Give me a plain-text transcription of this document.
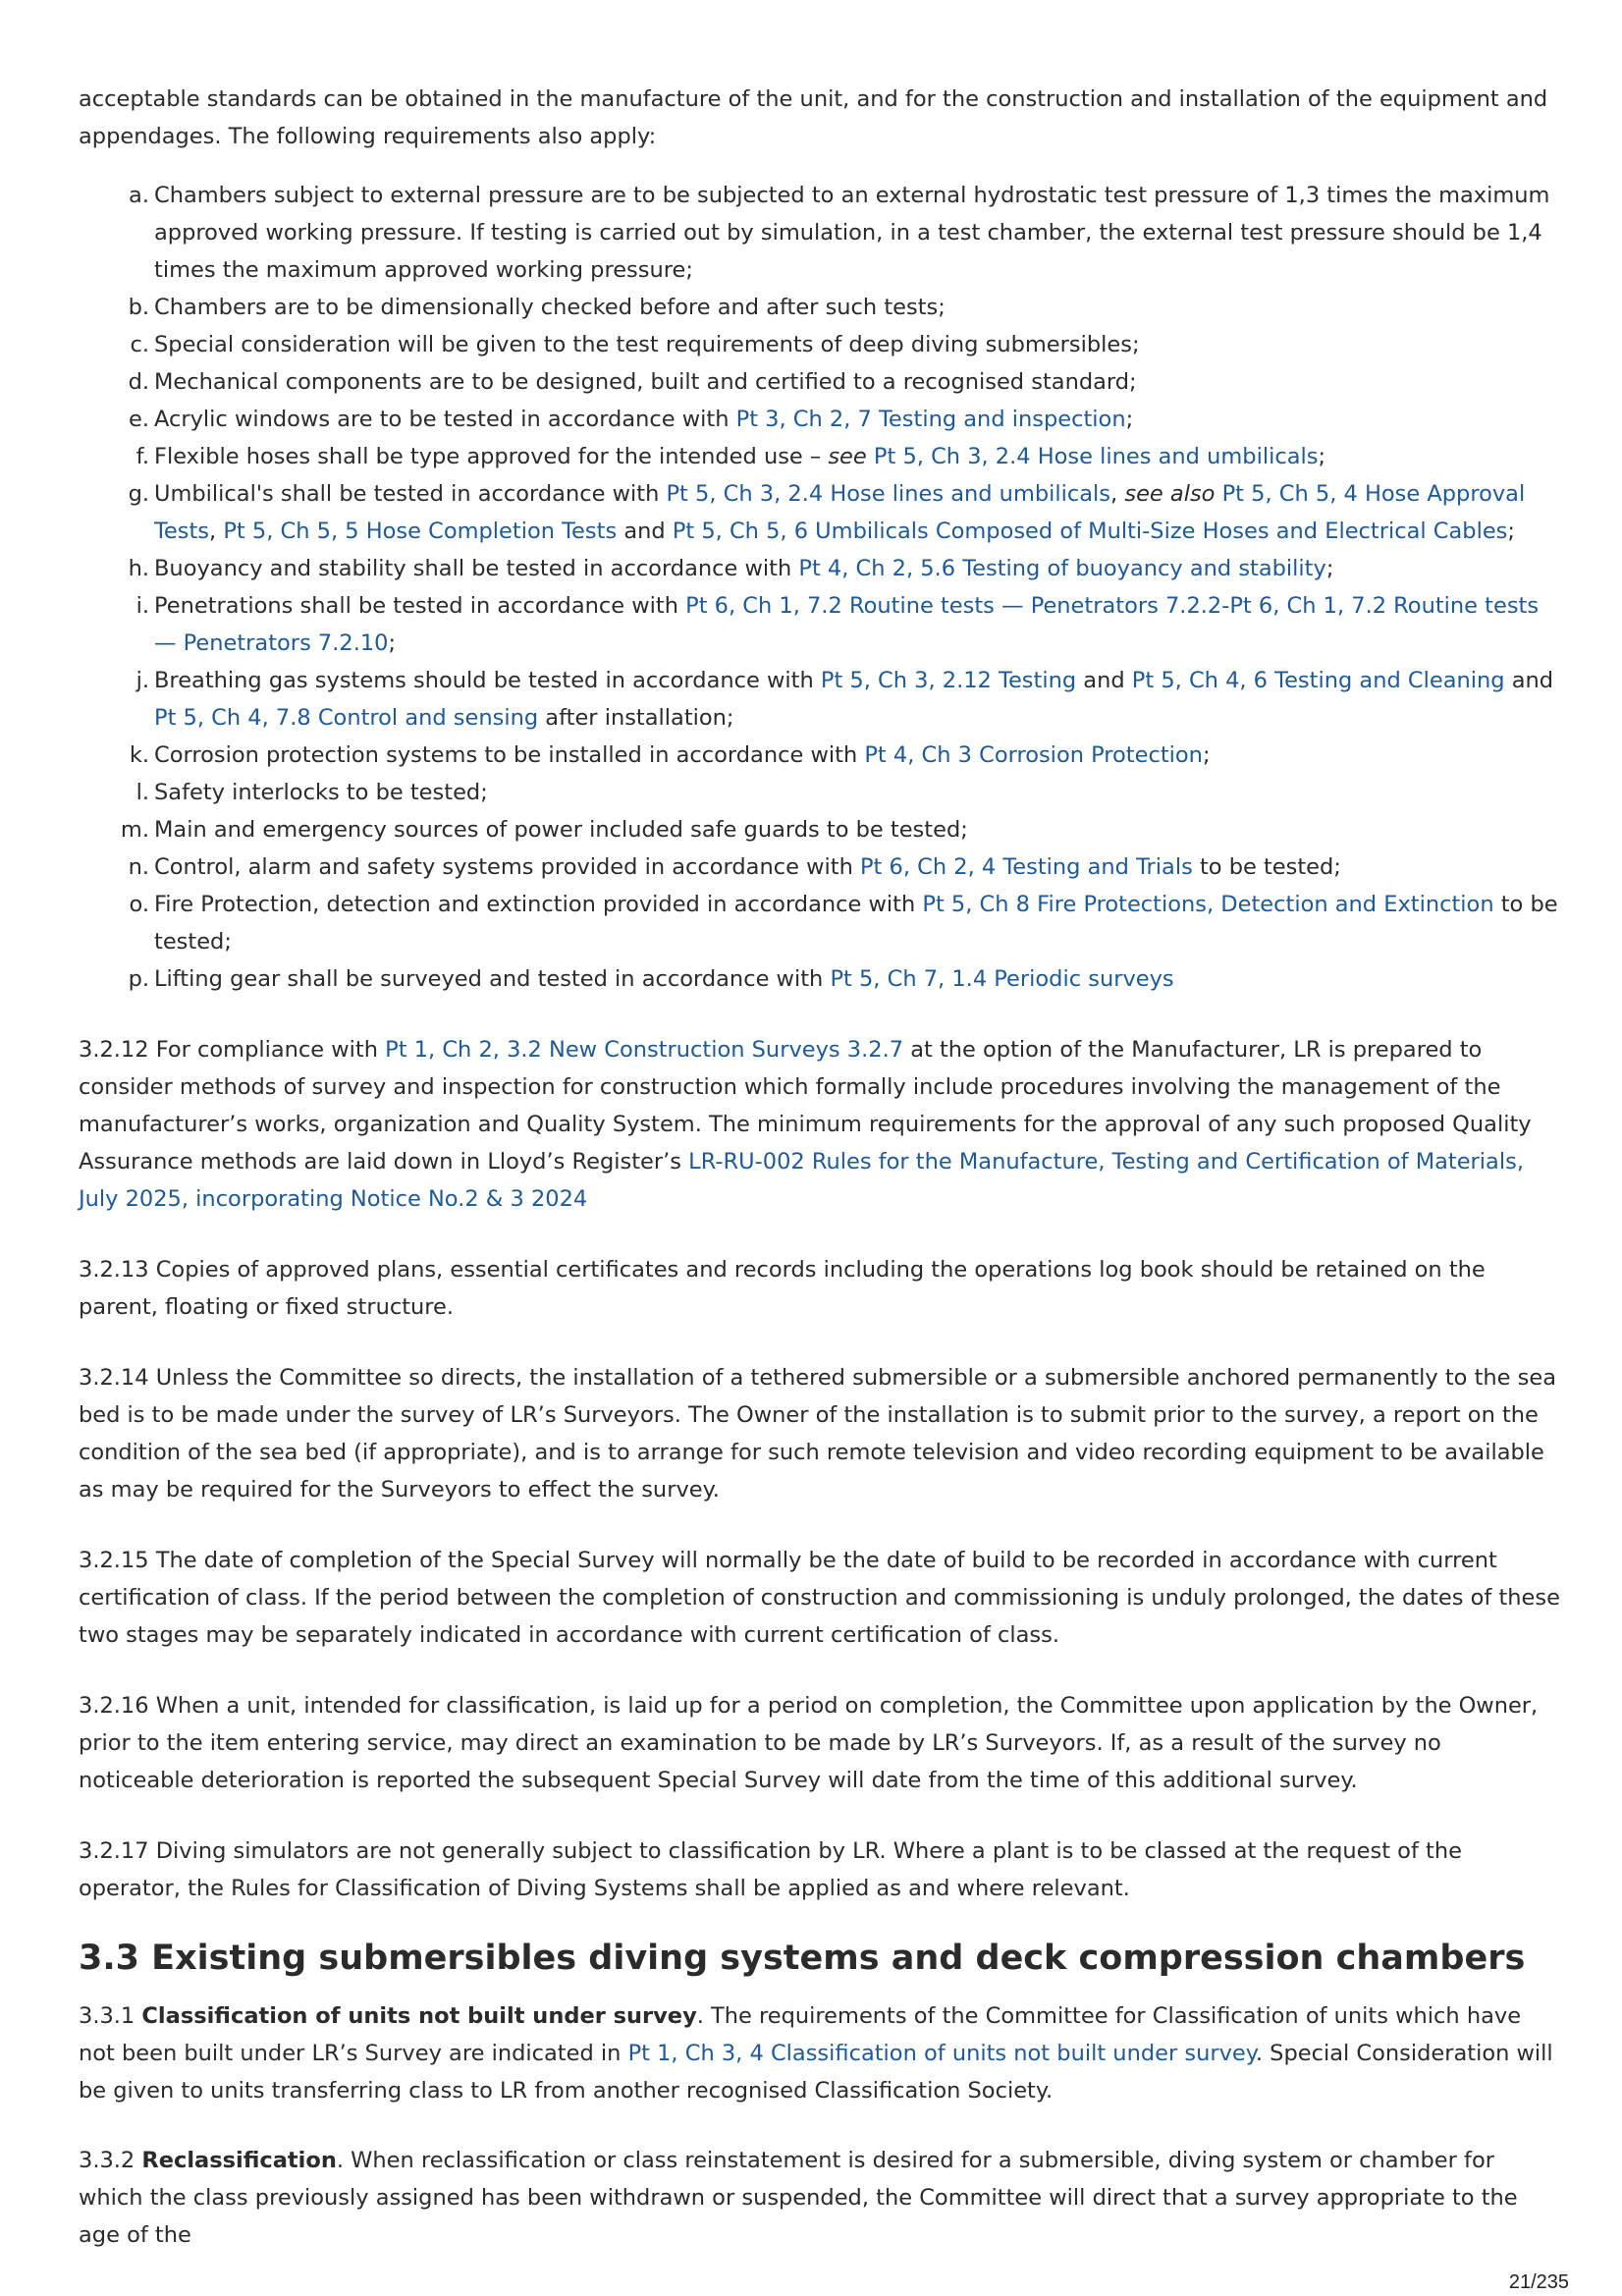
acceptable standards can be obtained in the manufacture of the unit, and for the construction and installation of the equipment and appendages. The following requirements also apply:

a. Chambers subject to external pressure are to be subjected to an external hydrostatic test pressure of 1,3 times the maximum approved working pressure. If testing is carried out by simulation, in a test chamber, the external test pressure should be 1,4 times the maximum approved working pressure;
b. Chambers are to be dimensionally checked before and after such tests;
c. Special consideration will be given to the test requirements of deep diving submersibles;
d. Mechanical components are to be designed, built and certified to a recognised standard;
e. Acrylic windows are to be tested in accordance with Pt 3, Ch 2, 7 Testing and inspection;
f. Flexible hoses shall be type approved for the intended use – see Pt 5, Ch 3, 2.4 Hose lines and umbilicals;
g. Umbilical's shall be tested in accordance with Pt 5, Ch 3, 2.4 Hose lines and umbilicals, see also Pt 5, Ch 5, 4 Hose Approval Tests, Pt 5, Ch 5, 5 Hose Completion Tests and Pt 5, Ch 5, 6 Umbilicals Composed of Multi-Size Hoses and Electrical Cables;
h. Buoyancy and stability shall be tested in accordance with Pt 4, Ch 2, 5.6 Testing of buoyancy and stability;
i. Penetrations shall be tested in accordance with Pt 6, Ch 1, 7.2 Routine tests — Penetrators 7.2.2-Pt 6, Ch 1, 7.2 Routine tests — Penetrators 7.2.10;
j. Breathing gas systems should be tested in accordance with Pt 5, Ch 3, 2.12 Testing and Pt 5, Ch 4, 6 Testing and Cleaning and Pt 5, Ch 4, 7.8 Control and sensing after installation;
k. Corrosion protection systems to be installed in accordance with Pt 4, Ch 3 Corrosion Protection;
l. Safety interlocks to be tested;
m. Main and emergency sources of power included safe guards to be tested;
n. Control, alarm and safety systems provided in accordance with Pt 6, Ch 2, 4 Testing and Trials to be tested;
o. Fire Protection, detection and extinction provided in accordance with Pt 5, Ch 8 Fire Protections, Detection and Extinction to be tested;
p. Lifting gear shall be surveyed and tested in accordance with Pt 5, Ch 7, 1.4 Periodic surveys

3.2.12 For compliance with Pt 1, Ch 2, 3.2 New Construction Surveys 3.2.7 at the option of the Manufacturer, LR is prepared to consider methods of survey and inspection for construction which formally include procedures involving the management of the manufacturer’s works, organization and Quality System. The minimum requirements for the approval of any such proposed Quality Assurance methods are laid down in Lloyd’s Register’s LR-RU-002 Rules for the Manufacture, Testing and Certification of Materials, July 2025, incorporating Notice No.2 & 3 2024

3.2.13 Copies of approved plans, essential certificates and records including the operations log book should be retained on the parent, floating or fixed structure.

3.2.14 Unless the Committee so directs, the installation of a tethered submersible or a submersible anchored permanently to the sea bed is to be made under the survey of LR’s Surveyors. The Owner of the installation is to submit prior to the survey, a report on the condition of the sea bed (if appropriate), and is to arrange for such remote television and video recording equipment to be available as may be required for the Surveyors to effect the survey.

3.2.15 The date of completion of the Special Survey will normally be the date of build to be recorded in accordance with current certification of class. If the period between the completion of construction and commissioning is unduly prolonged, the dates of these two stages may be separately indicated in accordance with current certification of class.

3.2.16 When a unit, intended for classification, is laid up for a period on completion, the Committee upon application by the Owner, prior to the item entering service, may direct an examination to be made by LR’s Surveyors. If, as a result of the survey no noticeable deterioration is reported the subsequent Special Survey will date from the time of this additional survey.

3.2.17 Diving simulators are not generally subject to classification by LR. Where a plant is to be classed at the request of the operator, the Rules for Classification of Diving Systems shall be applied as and where relevant.

3.3 Existing submersibles diving systems and deck compression chambers

3.3.1 Classification of units not built under survey. The requirements of the Committee for Classification of units which have not been built under LR’s Survey are indicated in Pt 1, Ch 3, 4 Classification of units not built under survey. Special Consideration will be given to units transferring class to LR from another recognised Classification Society.

3.3.2 Reclassification. When reclassification or class reinstatement is desired for a submersible, diving system or chamber for which the class previously assigned has been withdrawn or suspended, the Committee will direct that a survey appropriate to the age of the

21/235
